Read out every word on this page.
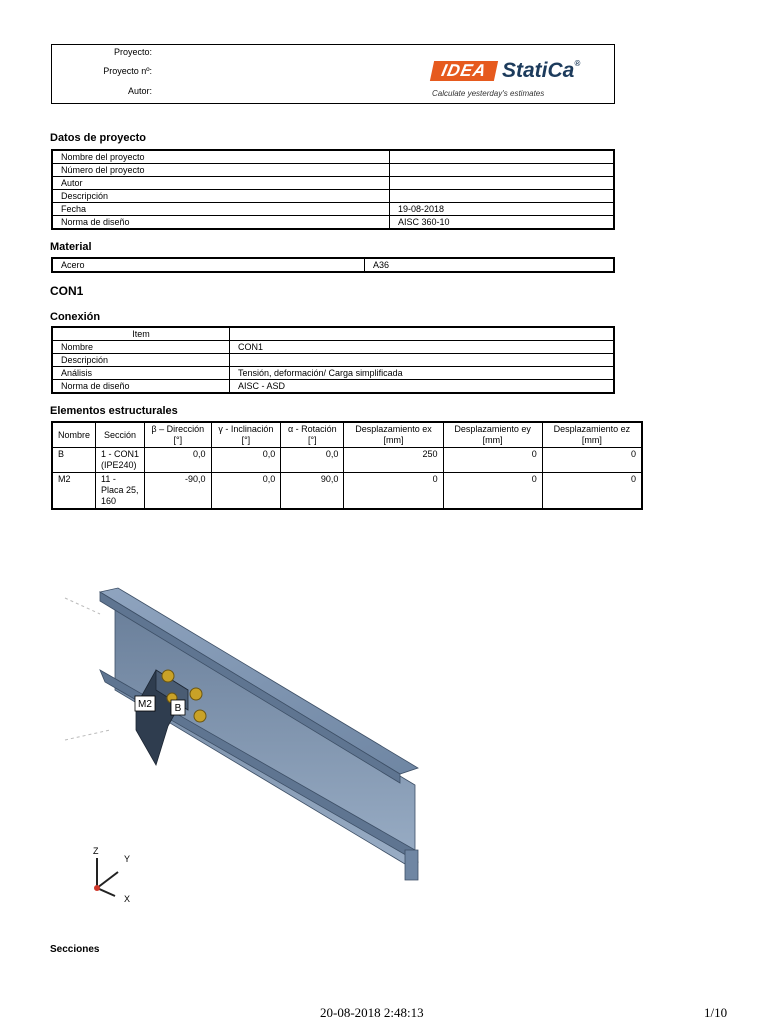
Proyecto:
Proyecto nº:
Autor:
IDEA StatiCa®
Calculate yesterday's estimates
Datos de proyecto
Nombre del proyecto	
Número del proyecto	
Autor	
Descripción	
Fecha	19-08-2018
Norma de diseño	AISC 360-10
Material
Acero	A36
CON1
Conexión
Item	
Nombre	CON1
Descripción	
Análisis	Tensión, deformación/ Carga simplificada
Norma de diseño	AISC - ASD
Elementos estructurales
Nombre	Sección	β – Dirección [°]	γ - Inclinación [°]	α - Rotación [°]	Desplazamiento ex [mm]	Desplazamiento ey [mm]	Desplazamiento ez [mm]
B	1 - CON1 (IPE240)	0,0	0,0	0,0	250	0	0
M2	11 - Placa 25, 160	-90,0	0,0	90,0	0	0	0
M2 B
Z
Y
X
Secciones
20-08-2018 2:48:13	1/10
